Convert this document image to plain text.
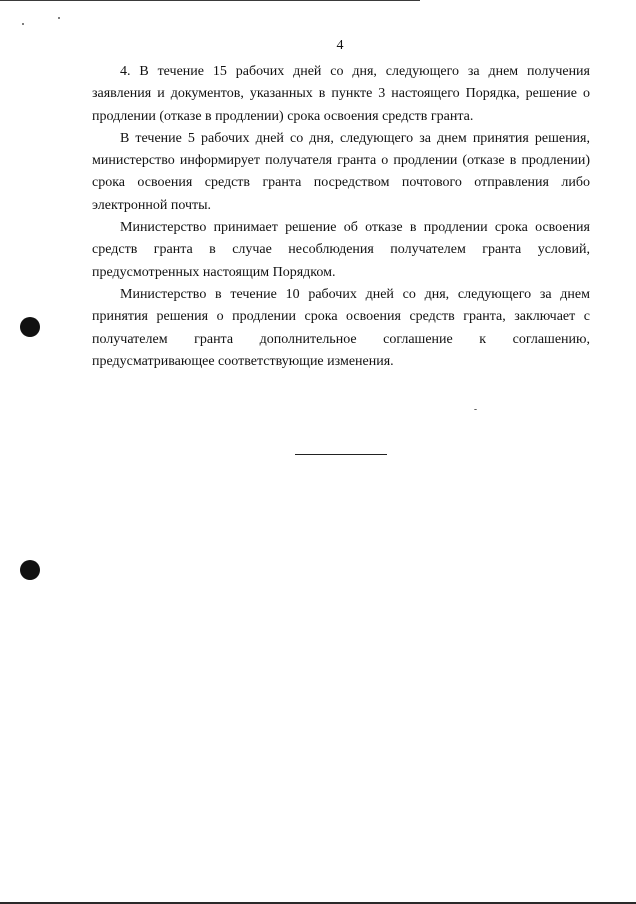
4

4. В течение 15 рабочих дней со дня, следующего за днем получения заявления и документов, указанных в пункте 3 настоящего Порядка, решение о продлении (отказе в продлении) срока освоения средств гранта.

В течение 5 рабочих дней со дня, следующего за днем принятия решения, министерство информирует получателя гранта о продлении (отказе в продлении) срока освоения средств гранта посредством почтового отправления либо электронной почты.

Министерство принимает решение об отказе в продлении срока освоения средств гранта в случае несоблюдения получателем гранта условий, предусмотренных настоящим Порядком.

Министерство в течение 10 рабочих дней со дня, следующего за днем принятия решения о продлении срока освоения средств гранта, заключает с получателем гранта дополнительное соглашение к соглашению, предусматривающее соответствующие изменения.
